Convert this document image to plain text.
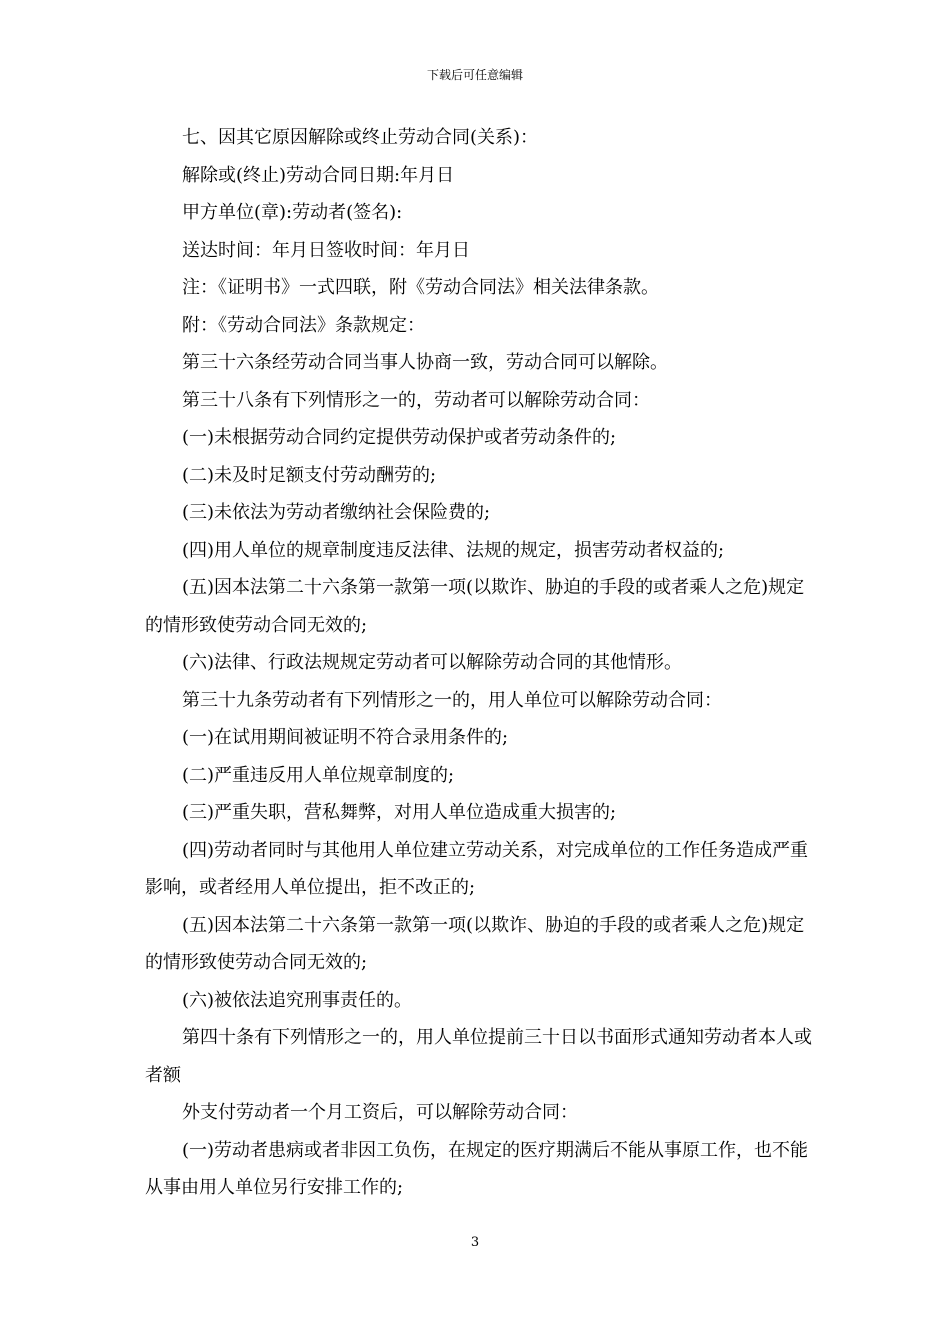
下载后可任意编辑

七、因其它原因解除或终止劳动合同(关系)：

解除或(终止)劳动合同日期:年月日

甲方单位(章):劳动者(签名):

送达时间：年月日签收时间：年月日

注：《证明书》一式四联，附《劳动合同法》相关法律条款。

附：《劳动合同法》条款规定：

第三十六条经劳动合同当事人协商一致，劳动合同可以解除。

第三十八条有下列情形之一的，劳动者可以解除劳动合同：

(一)未根据劳动合同约定提供劳动保护或者劳动条件的;

(二)未及时足额支付劳动酬劳的;

(三)未依法为劳动者缴纳社会保险费的;

(四)用人单位的规章制度违反法律、法规的规定，损害劳动者权益的;

(五)因本法第二十六条第一款第一项(以欺诈、胁迫的手段的或者乘人之危)规定的情形致使劳动合同无效的;

(六)法律、行政法规规定劳动者可以解除劳动合同的其他情形。

第三十九条劳动者有下列情形之一的，用人单位可以解除劳动合同：

(一)在试用期间被证明不符合录用条件的;

(二)严重违反用人单位规章制度的;

(三)严重失职，营私舞弊，对用人单位造成重大损害的;

(四)劳动者同时与其他用人单位建立劳动关系，对完成单位的工作任务造成严重影响，或者经用人单位提出，拒不改正的;

(五)因本法第二十六条第一款第一项(以欺诈、胁迫的手段的或者乘人之危)规定的情形致使劳动合同无效的;

(六)被依法追究刑事责任的。

第四十条有下列情形之一的，用人单位提前三十日以书面形式通知劳动者本人或者额

外支付劳动者一个月工资后，可以解除劳动合同：

(一)劳动者患病或者非因工负伤，在规定的医疗期满后不能从事原工作，也不能从事由用人单位另行安排工作的;

3
